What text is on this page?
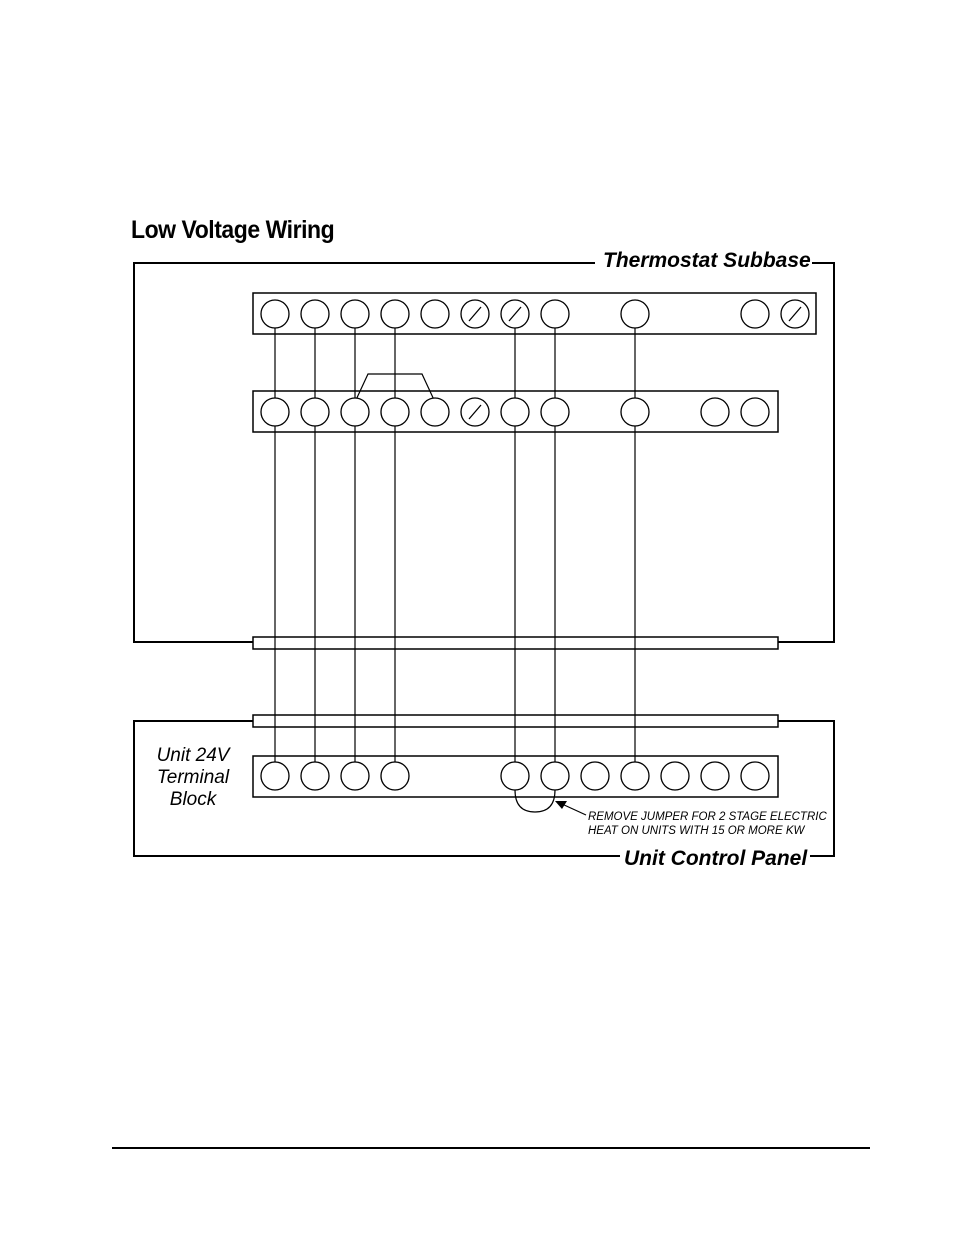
Low Voltage Wiring
Thermostat Subbase
Unit Control Panel
Unit 24V
Terminal
Block
REMOVE JUMPER FOR 2 STAGE ELECTRIC
HEAT ON UNITS WITH 15 OR MORE KW
